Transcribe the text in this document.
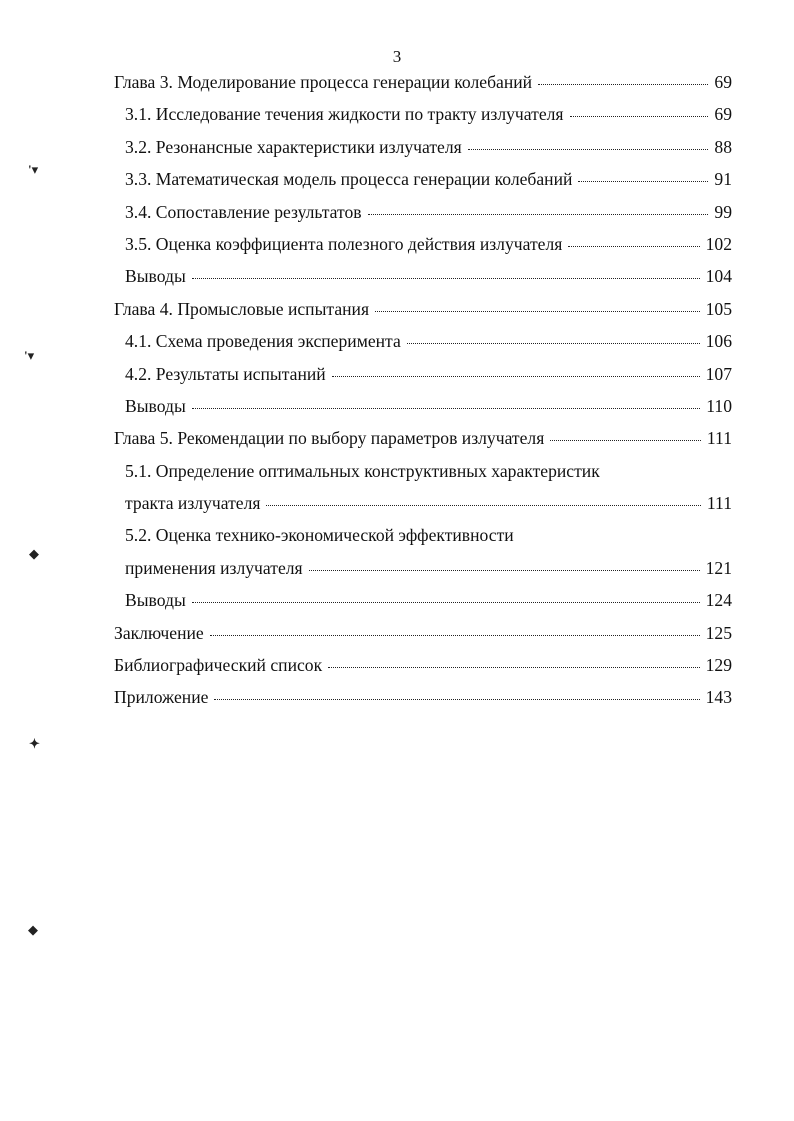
3
Глава 3. Моделирование процесса генерации колебаний	69
3.1. Исследование течения жидкости по тракту излучателя	69
3.2. Резонансные характеристики излучателя	88
3.3. Математическая модель процесса генерации колебаний	91
3.4. Сопоставление результатов	99
3.5. Оценка коэффициента полезного действия излучателя	102
Выводы	104
Глава 4. Промысловые испытания	105
4.1. Схема проведения эксперимента	106
4.2. Результаты испытаний	107
Выводы	110
Глава 5. Рекомендации по выбору параметров излучателя	111
5.1. Определение оптимальных конструктивных характеристик
тракта излучателя	111
5.2. Оценка технико-экономической эффективности
применения излучателя	121
Выводы	124
Заключение	125
Библиографический список	129
Приложение	143
'▾
'▾
◆
✦
◆
